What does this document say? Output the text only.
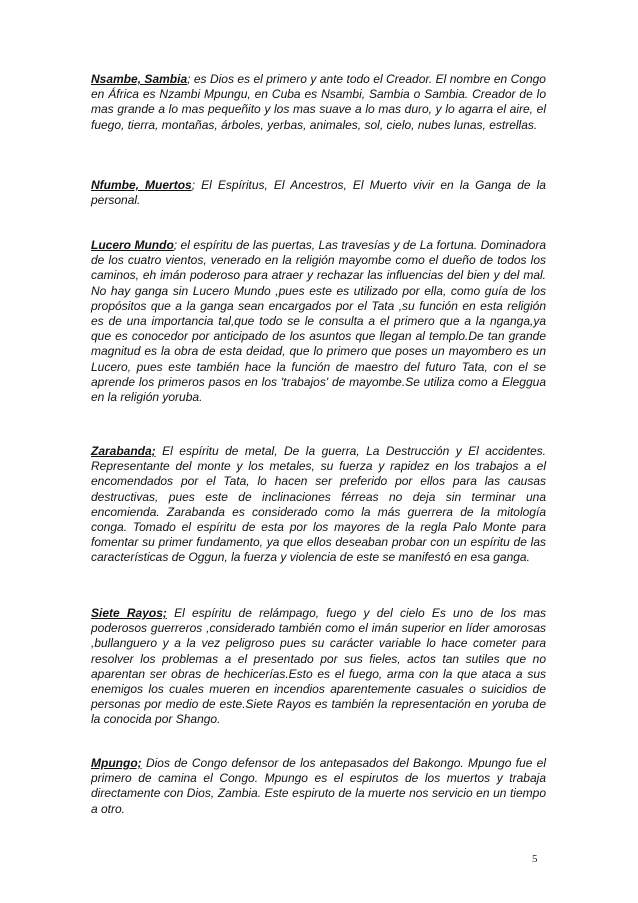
Nsambe, Sambia; es Dios es el primero y ante todo el Creador. El nombre en Congo en África es Nzambi Mpungu, en Cuba es Nsambi, Sambia o Sambia. Creador de lo mas grande a lo mas pequeñito y los mas suave a lo mas duro, y lo agarra el aire, el fuego, tierra, montañas, árboles, yerbas, animales, sol, cielo, nubes lunas, estrellas.

Nfumbe, Muertos; El Espíritus, El Ancestros, El Muerto vivir en la Ganga de la personal.

Lucero Mundo; el espíritu de las puertas, Las travesías y de La fortuna. Dominadora de los cuatro vientos, venerado en la religión mayombe como el dueño de todos los caminos, eh imán poderoso para atraer y rechazar las influencias del bien y del mal. No hay ganga sin Lucero Mundo ,pues este es utilizado por ella, como guía de los propósitos que a la ganga sean encargados por el Tata ,su función en esta religión es de una importancia tal,que todo se le consulta a el primero que a la nganga,ya que es conocedor por anticipado de los asuntos que llegan al templo.De tan grande magnitud es la obra de esta deidad, que lo primero que poses un mayombero es un Lucero, pues este también hace la función de maestro del futuro Tata, con el se aprende los primeros pasos en los 'trabajos' de mayombe.Se utiliza como a Eleggua en la religión yoruba.

Zarabanda; El espíritu de metal, De la guerra, La Destrucción y El accidentes. Representante del monte y los metales, su fuerza y rapidez en los trabajos a el encomendados por el Tata, lo hacen ser preferido por ellos para las causas destructivas, pues este de inclinaciones férreas no deja sin terminar una encomienda. Zarabanda es considerado como la más guerrera de la mitología conga. Tomado el espíritu de esta por los mayores de la regla Palo Monte para fomentar su primer fundamento, ya que ellos deseaban probar con un espíritu de las características de Oggun, la fuerza y violencia de este se manifestó en esa ganga.

Siete Rayos; El espíritu de relámpago, fuego y del cielo Es uno de los mas poderosos guerreros ,considerado también como el imán superior en líder amorosas ,bullanguero y a la vez peligroso pues su carácter variable lo hace cometer para resolver los problemas a el presentado por sus fieles, actos tan sutiles que no aparentan ser obras de hechicerías.Esto es el fuego, arma con la que ataca a sus enemigos los cuales mueren en incendios aparentemente casuales o suicidios de personas por medio de este.Siete Rayos es también la representación en yoruba de la conocida por Shango.

Mpungo; Dios de Congo defensor de los antepasados del Bakongo. Mpungo fue el primero de camina el Congo. Mpungo es el espirutos de los muertos y trabaja directamente con Dios, Zambia. Este espiruto de la muerte nos servicio en un tiempo a otro.

5
